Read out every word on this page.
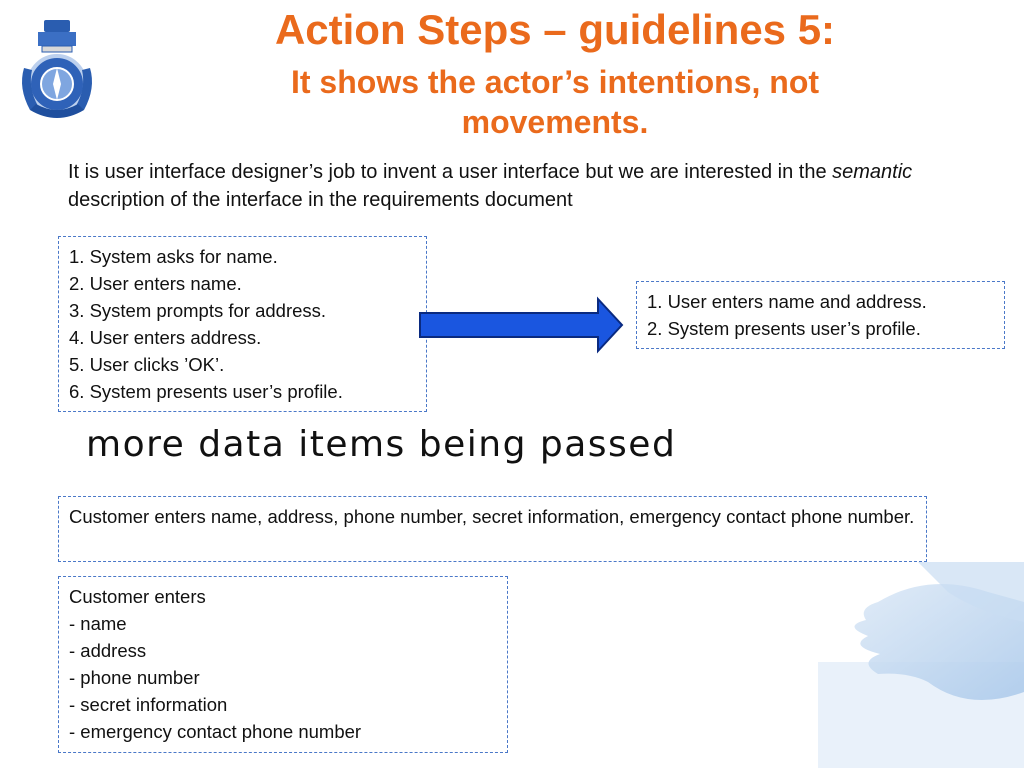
Action Steps – guidelines 5:
It shows the actor’s intentions, not
movements.
It is user interface designer’s job to invent a user interface but we are interested in the semantic description of the interface in the requirements document
1. System asks for name.
2. User enters name.
3. System prompts for address.
4. User enters address.
5. User clicks ’OK’.
6. System presents user’s profile.
1. User enters name and address.
2. System presents user’s profile.
more data items being passed
Customer enters name, address, phone number, secret information, emergency contact phone number.
Customer enters
- name
- address
- phone number
- secret information
- emergency contact phone number
